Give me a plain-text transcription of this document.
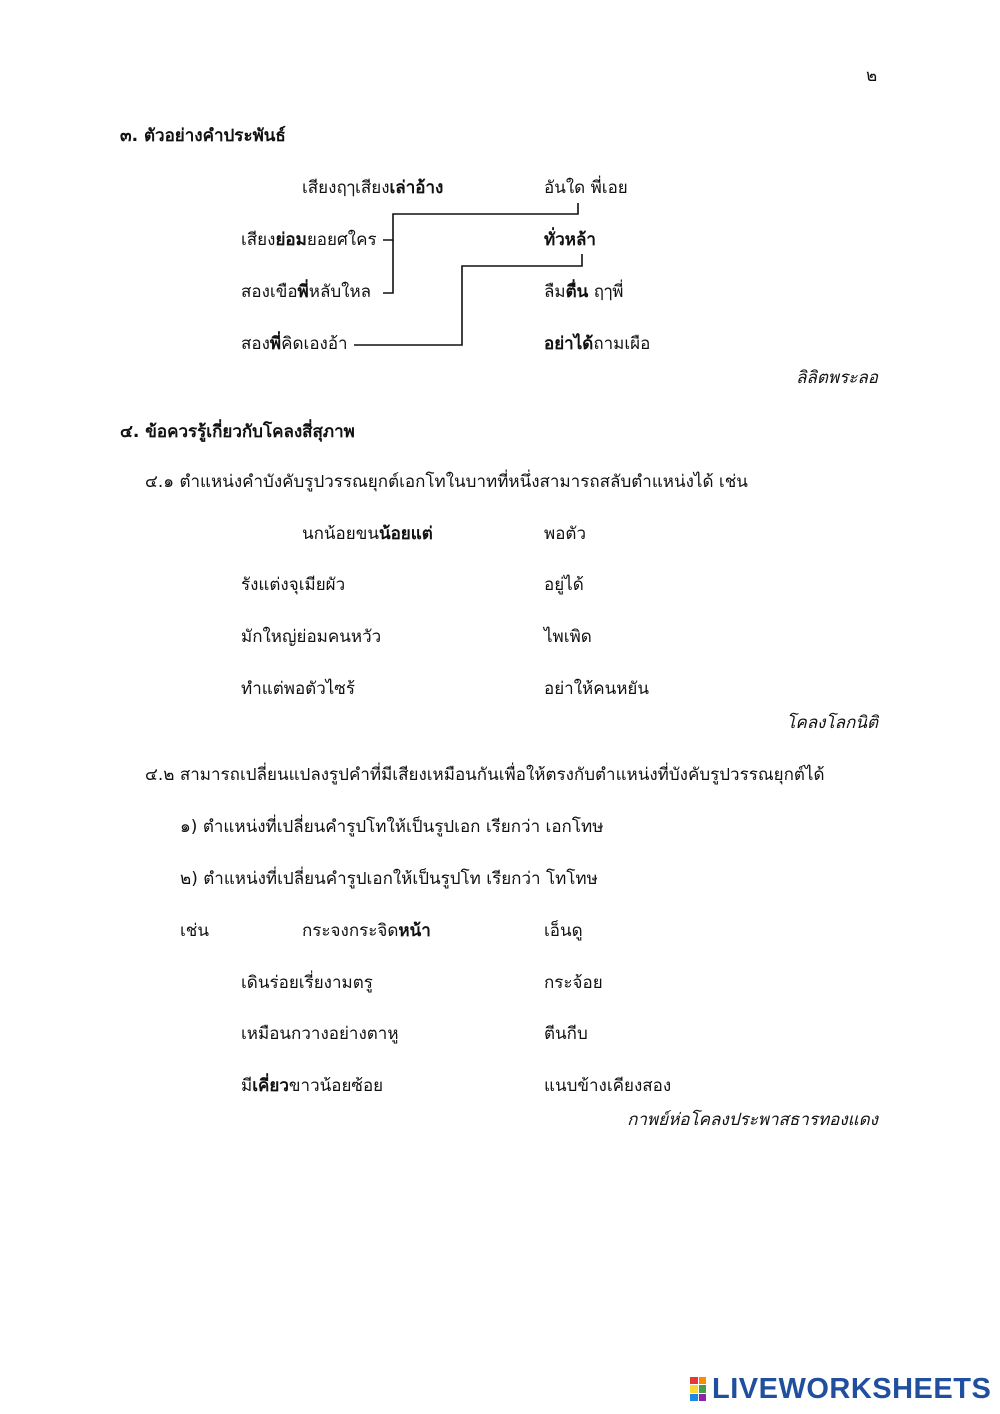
๒
๓. ตัวอย่างคำประพันธ์
เสียงฤๅเสียงเล่าอ้าง	อันใด พี่เอย
เสียงย่อมยอยศใคร	ทั่วหล้า
สองเขือพี่หลับใหล	ลืมตื่น ฤๅพี่
สองพี่คิดเองอ้า	อย่าได้ถามเผือ
ลิลิตพระลอ
๔. ข้อควรรู้เกี่ยวกับโคลงสี่สุภาพ
๔.๑ ตำแหน่งคำบังคับรูปวรรณยุกต์เอกโทในบาทที่หนึ่งสามารถสลับตำแหน่งได้ เช่น
นกน้อยขนน้อยแต่	พอตัว
รังแต่งจุเมียผัว	อยู่ได้
มักใหญ่ย่อมคนหวัว	ไพเพิด
ทำแต่พอตัวไซร้	อย่าให้คนหยัน
โคลงโลกนิติ
๔.๒ สามารถเปลี่ยนแปลงรูปคำที่มีเสียงเหมือนกันเพื่อให้ตรงกับตำแหน่งที่บังคับรูปวรรณยุกต์ได้
๑) ตำแหน่งที่เปลี่ยนคำรูปโทให้เป็นรูปเอก เรียกว่า เอกโทษ
๒) ตำแหน่งที่เปลี่ยนคำรูปเอกให้เป็นรูปโท เรียกว่า โทโทษ
เช่น	กระจงกระจิดหน้า	เอ็นดู
เดินร่อยเรี่ยงามตรู	กระจ้อย
เหมือนกวางอย่างตาหู	ตีนกีบ
มีเคี่ยวขาวน้อยซ้อย	แนบข้างเคียงสอง
กาพย์ห่อโคลงประพาสธารทองแดง
LIVEWORKSHEETS
